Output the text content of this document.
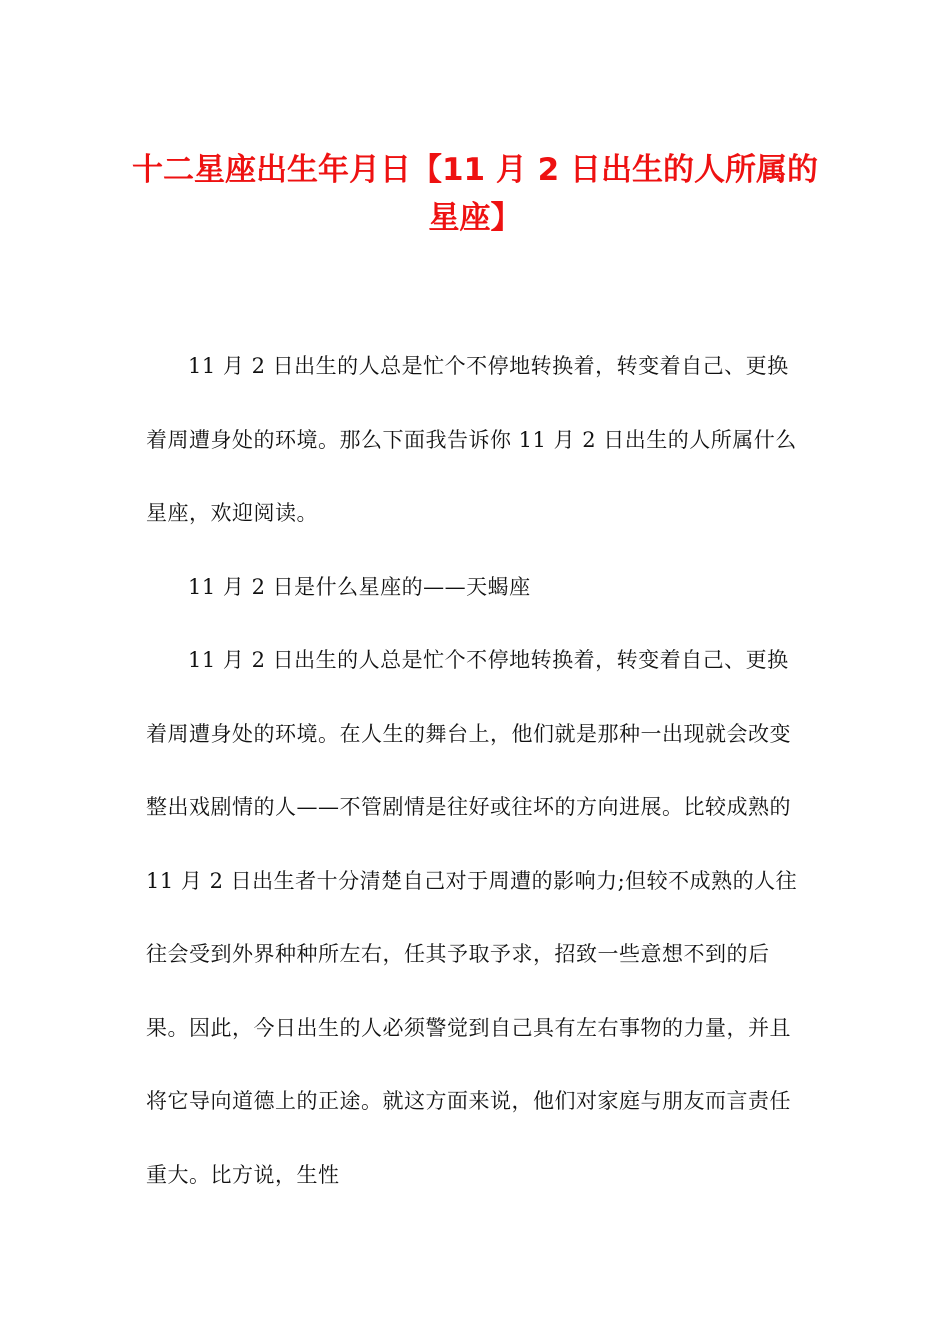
十二星座出生年月日【11 月 2 日出生的人所属的星座】

11 月 2 日出生的人总是忙个不停地转换着，转变着自己、更换着周遭身处的环境。那么下面我告诉你 11 月 2 日出生的人所属什么星座，欢迎阅读。

11 月 2 日是什么星座的——天蝎座

11 月 2 日出生的人总是忙个不停地转换着，转变着自己、更换着周遭身处的环境。在人生的舞台上，他们就是那种一出现就会改变整出戏剧情的人——不管剧情是往好或往坏的方向进展。比较成熟的 11 月 2 日出生者十分清楚自己对于周遭的影响力;但较不成熟的人往往会受到外界种种所左右，任其予取予求，招致一些意想不到的后果。因此，今日出生的人必须警觉到自己具有左右事物的力量，并且将它导向道德上的正途。就这方面来说，他们对家庭与朋友而言责任重大。比方说，生性
